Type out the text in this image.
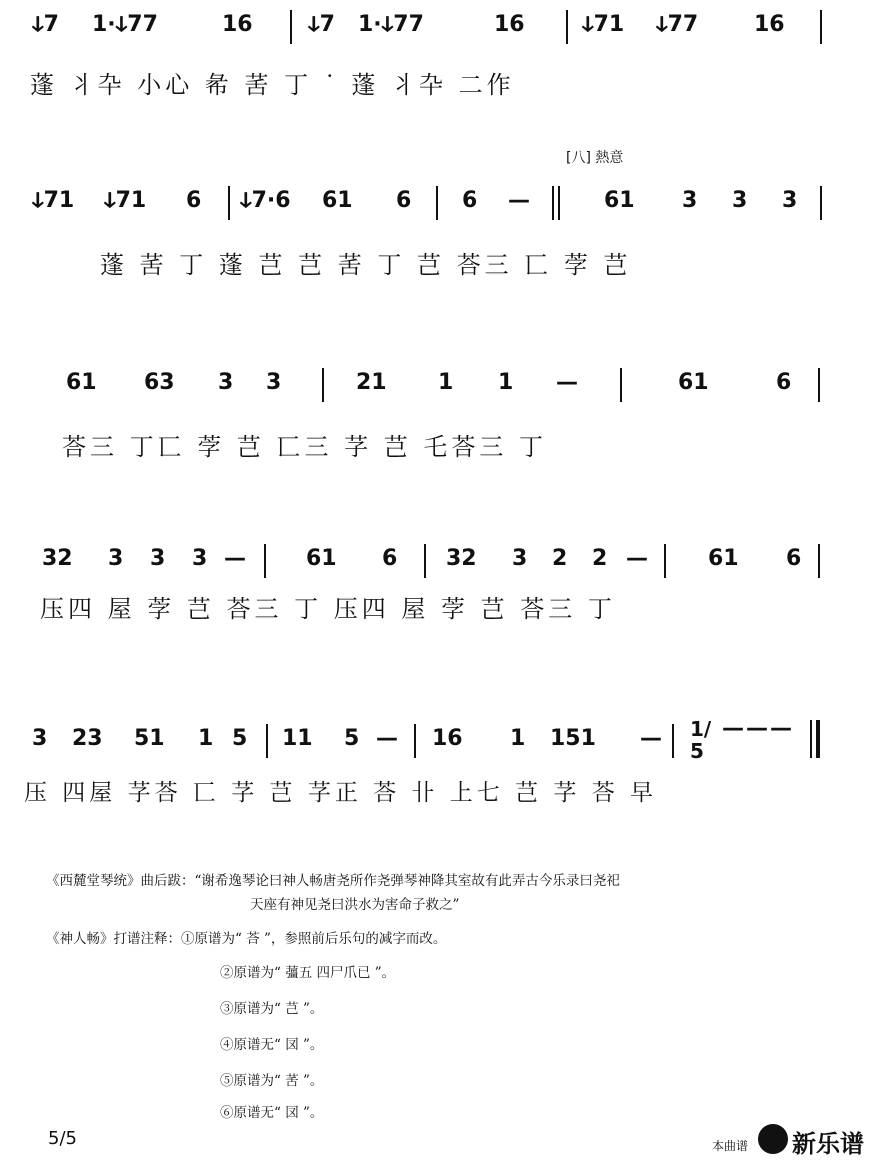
ↆ7 1·ↆ77	16	ↆ7 1·ↆ77	16	ↆ71 ↆ77	16
蓬 丬卆 小心 㣇 䒷 丁 ˙ 蓬 丬卆 二作
[八] 熱意
ↆ71 ↆ71 6 ↆ7·6 61 6 6 —	61 3 3 3
蓬 䒷 丁 蓬 芑 芑 䒷 丁 芑 荅三 匸 茡 芑
61 63 3 3	21 1 1 —	61	6
荅三 丁匸 茡 芑 匸三 芓 芑 乇荅三 丁
32 3 3 3 —	61 6 32 3 2 2 —	61 6
压四 屋 茡 芑 荅三 丁 压四 屋 茡 芑 荅三 丁
3 23 51 1 5 11 5 — 16 1 151 — 1/5
———
压 四屋 芓荅 匸 芓 芑 芓正 荅 卝 上七 芑 芓 荅 早
《西麓堂琴统》曲后跋：“谢希逸琴论曰神人畅唐尧所作尧弹琴神降其室故有此弄古今乐录曰尧祀
天座有神见尧曰洪水为害命子救之”
《神人畅》打谱注释：①原谱为“ 荅 ”，参照前后乐句的减字而改。
②原谱为“ 䕬五 四尸爪已 ”。
③原谱为“ 芑 ”。
④原谱无“ 㘝 ”。
⑤原谱为“ 䒷 ”。
⑥原谱无“ 㘝 ”。
5/5	本曲谱 新乐谱
